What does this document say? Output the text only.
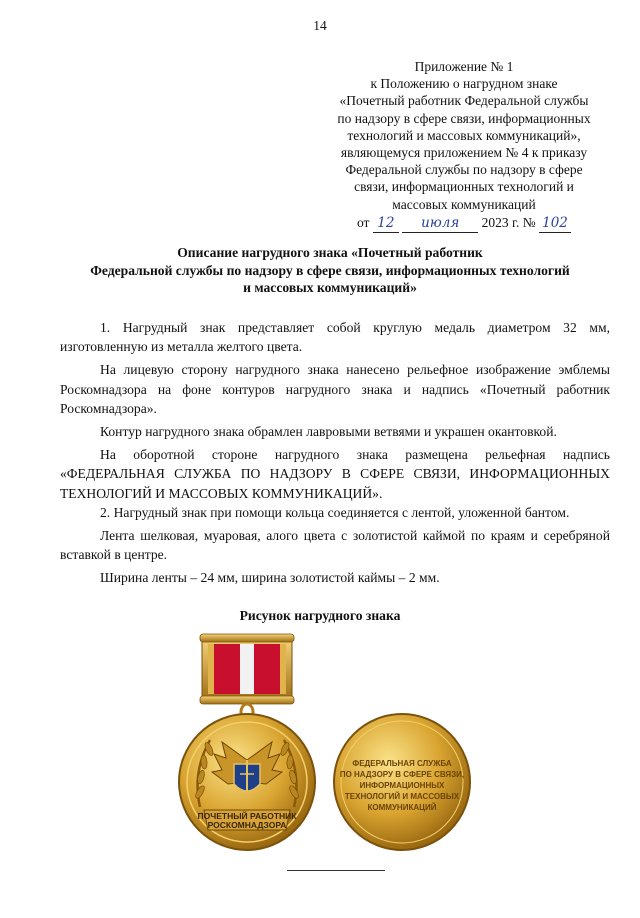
14
Приложение № 1
к Положению о нагрудном знаке
«Почетный работник Федеральной службы
по надзору в сфере связи, информационных
технологий и массовых коммуникаций»,
являющемуся приложением № 4 к приказу
Федеральной службы по надзору в сфере
связи, информационных технологий и
массовых коммуникаций
от 12 июля 2023 г. № 102
Описание нагрудного знака «Почетный работник
Федеральной службы по надзору в сфере связи, информационных технологий
и массовых коммуникаций»

1. Нагрудный знак представляет собой круглую медаль диаметром 32 мм, изготовленную из металла желтого цвета.

На лицевую сторону нагрудного знака нанесено рельефное изображение эмблемы Роскомнадзора на фоне контуров нагрудного знака и надпись «Почетный работник Роскомнадзора».

Контур нагрудного знака обрамлен лавровыми ветвями и украшен окантовкой.

На оборотной стороне нагрудного знака размещена рельефная надпись «ФЕДЕРАЛЬНАЯ СЛУЖБА ПО НАДЗОРУ В СФЕРЕ СВЯЗИ, ИНФОРМАЦИОННЫХ ТЕХНОЛОГИЙ И МАССОВЫХ КОММУНИКАЦИЙ».

2. Нагрудный знак при помощи кольца соединяется с лентой, уложенной бантом.

Лента шелковая, муаровая, алого цвета с золотистой каймой по краям и серебряной вставкой в центре.

Ширина ленты – 24 мм, ширина золотистой каймы – 2 мм.

Рисунок нагрудного знака
ПОЧЕТНЫЙ РАБОТНИК
РОСКОМНАДЗОРА
ФЕДЕРАЛЬНАЯ СЛУЖБА
ПО НАДЗОРУ В СФЕРЕ СВЯЗИ,
ИНФОРМАЦИОННЫХ
ТЕХНОЛОГИЙ И МАССОВЫХ
КОММУНИКАЦИЙ
